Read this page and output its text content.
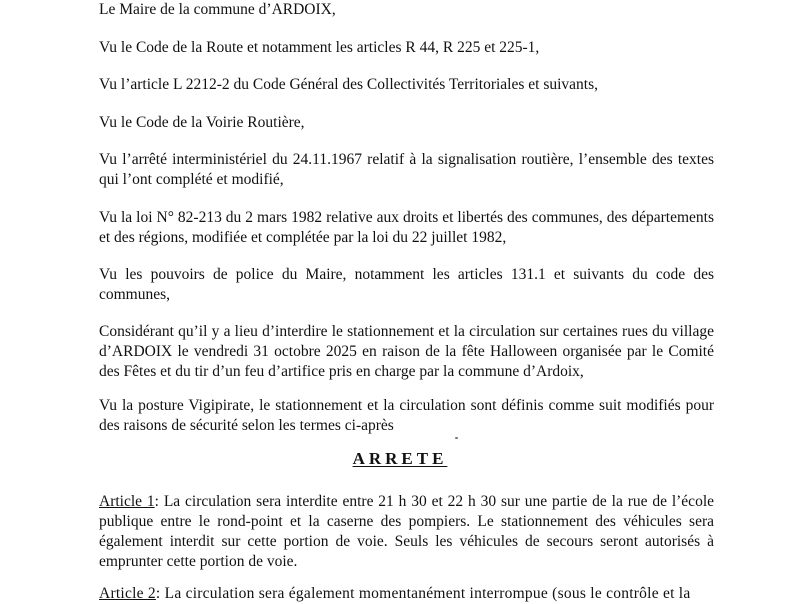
Le Maire de la commune d’ARDOIX,

Vu le Code de la Route et notamment les articles R 44, R 225 et 225-1,

Vu l’article L 2212-2 du Code Général des Collectivités Territoriales et suivants,

Vu le Code de la Voirie Routière,

Vu l’arrêté interministériel du 24.11.1967 relatif à la signalisation routière, l’ensemble des textes qui l’ont complété et modifié,

Vu la loi N° 82-213 du 2 mars 1982 relative aux droits et libertés des communes, des départements et des régions, modifiée et complétée par la loi du 22 juillet 1982,

Vu les pouvoirs de police du Maire, notamment les articles 131.1 et suivants du code des communes,

Considérant qu’il y a lieu d’interdire le stationnement et la circulation sur certaines rues du village d’ARDOIX le vendredi 31 octobre 2025 en raison de la fête Halloween organisée par le Comité des Fêtes et du tir d’un feu d’artifice pris en charge par la commune d’Ardoix,

Vu la posture Vigipirate, le stationnement et la circulation sont définis comme suit modifiés pour des raisons de sécurité selon les termes ci-après

ARRETE

Article 1: La circulation sera interdite entre 21 h 30 et 22 h 30 sur une partie de la rue de l’école publique entre le rond-point et la caserne des pompiers. Le stationnement des véhicules sera également interdit sur cette portion de voie. Seuls les véhicules de secours seront autorisés à emprunter cette portion de voie.

Article 2: La circulation sera également momentanément interrompue (sous le contrôle et la
